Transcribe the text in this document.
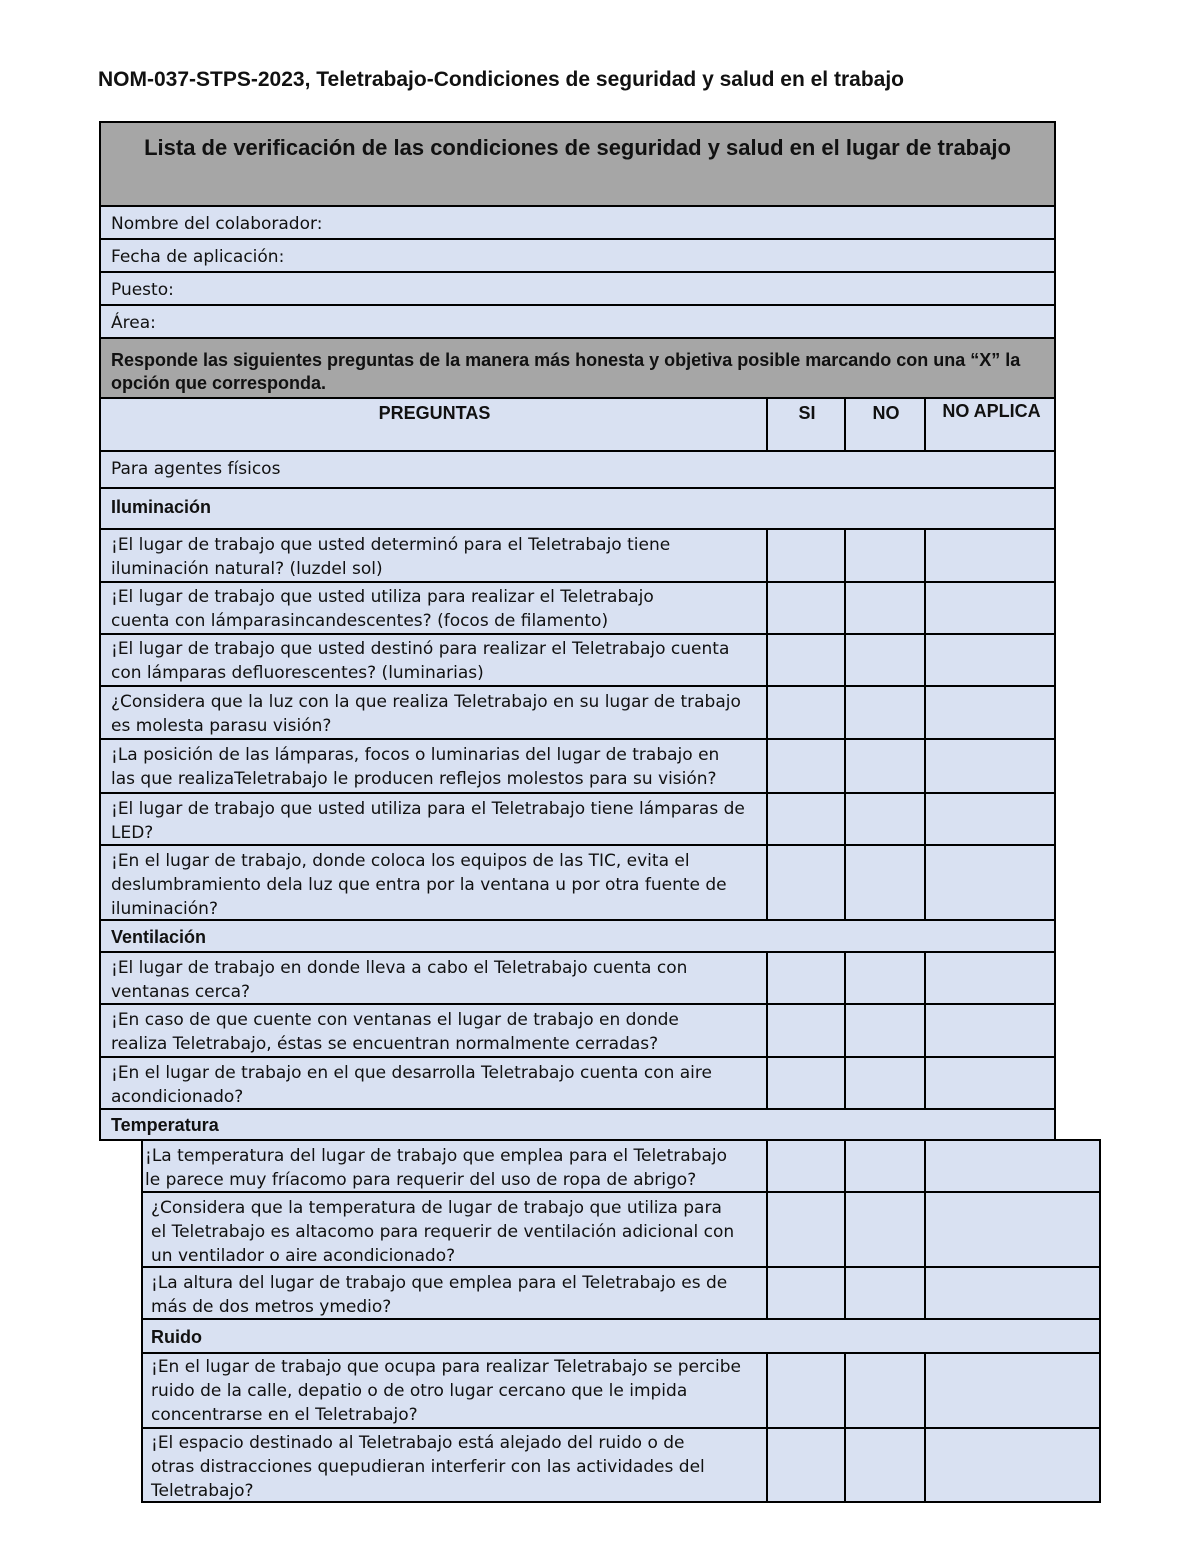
NOM-037-STPS-2023, Teletrabajo-Condiciones de seguridad y salud en el trabajo
Lista de verificación de las condiciones de seguridad y salud en el lugar de trabajo
Nombre del colaborador:
Fecha de aplicación:
Puesto:
Área:
Responde las siguientes preguntas de la manera más honesta y objetiva posible marcando con una “X” la opción que corresponda.
PREGUNTAS	SI	NO	NO APLICA
Para agentes físicos
Iluminación
¡El lugar de trabajo que usted determinó para el Teletrabajo tiene
iluminación natural? (luzdel sol)
¡El lugar de trabajo que usted utiliza para realizar el Teletrabajo
cuenta con lámparasincandescentes? (focos de filamento)
¡El lugar de trabajo que usted destinó para realizar el Teletrabajo cuenta
con lámparas defluorescentes? (luminarias)
¿Considera que la luz con la que realiza Teletrabajo en su lugar de trabajo
es molesta parasu visión?
¡La posición de las lámparas, focos o luminarias del lugar de trabajo en
las que realizaTeletrabajo le producen reflejos molestos para su visión?
¡El lugar de trabajo que usted utiliza para el Teletrabajo tiene lámparas de
LED?
¡En el lugar de trabajo, donde coloca los equipos de las TIC, evita el
deslumbramiento dela luz que entra por la ventana u por otra fuente de
iluminación?
Ventilación
¡El lugar de trabajo en donde lleva a cabo el Teletrabajo cuenta con
ventanas cerca?
¡En caso de que cuente con ventanas el lugar de trabajo en donde
realiza Teletrabajo, éstas se encuentran normalmente cerradas?
¡En el lugar de trabajo en el que desarrolla Teletrabajo cuenta con aire
acondicionado?
Temperatura
¡La temperatura del lugar de trabajo que emplea para el Teletrabajo
le parece muy fríacomo para requerir del uso de ropa de abrigo?
¿Considera que la temperatura de lugar de trabajo que utiliza para
el Teletrabajo es altacomo para requerir de ventilación adicional con
un ventilador o aire acondicionado?
¡La altura del lugar de trabajo que emplea para el Teletrabajo es de
más de dos metros ymedio?
Ruido
¡En el lugar de trabajo que ocupa para realizar Teletrabajo se percibe
ruido de la calle, depatio o de otro lugar cercano que le impida
concentrarse en el Teletrabajo?
¡El espacio destinado al Teletrabajo está alejado del ruido o de
otras distracciones quepudieran interferir con las actividades del
Teletrabajo?
